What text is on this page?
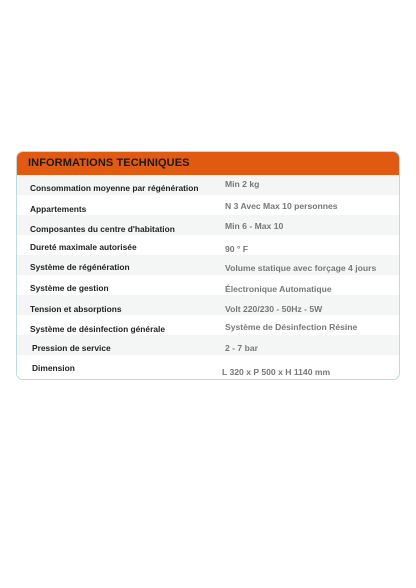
INFORMATIONS TECHNIQUES
Consommation moyenne par régénération	Min 2 kg
Appartements	N 3 Avec Max 10 personnes
Composantes du centre d'habitation	Min 6 - Max 10
Dureté maximale autorisée	90 ° F
Système de régénération	Volume statique avec forçage 4 jours
Système de gestion	Électronique Automatique
Tension et absorptions	Volt 220/230 - 50Hz - 5W
Système de désinfection générale	Système de Désinfection Résine
Pression de service	2 - 7 bar
Dimension	L 320 x P 500 x H 1140 mm
